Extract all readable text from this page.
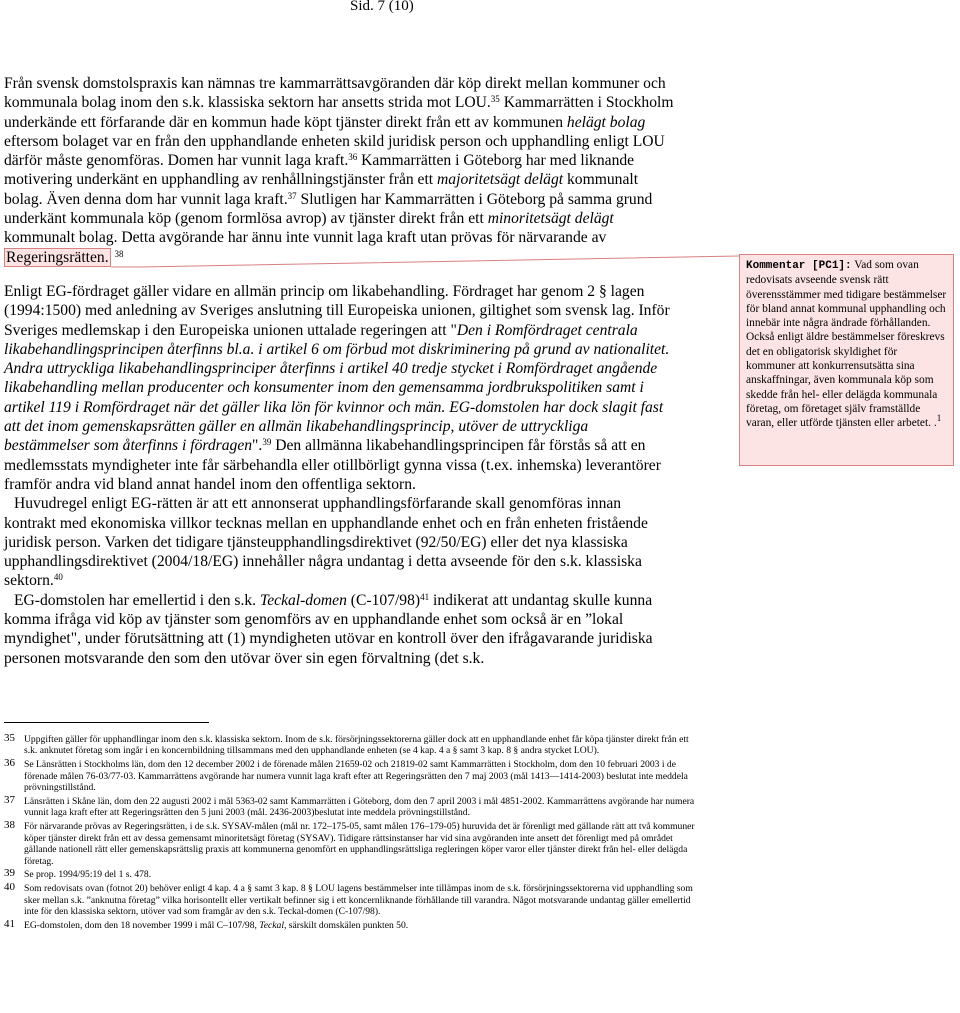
Sid. 7 (10)

Från svensk domstolspraxis kan nämnas tre kammarrättsavgöranden där köp direkt mellan kommuner och kommunala bolag inom den s.k. klassiska sektorn har ansetts strida mot LOU.$^{35}$ Kammarrätten i Stockholm underkände ett förfarande där en kommun hade köpt tjänster direkt från ett av kommunen helägt bolag eftersom bolaget var en från den upphandlande enheten skild juridisk person och upphandling enligt LOU därför måste genomföras. Domen har vunnit laga kraft.$^{36}$ Kammarrätten i Göteborg har med liknande motivering underkänt en upphandling av renhållningstjänster från ett majoritetsägt delägt kommunalt bolag. Även denna dom har vunnit laga kraft.$^{37}$ Slutligen har Kammarrätten i Göteborg på samma grund underkänt kommunala köp (genom formlösa avrop) av tjänster direkt från ett minoritetsägt delägt kommunalt bolag. Detta avgörande har ännu inte vunnit laga kraft utan prövas för närvarande av Regeringsrätten. $^{38}$

Enligt EG-fördraget gäller vidare en allmän princip om likabehandling. Fördraget har genom 2 § lagen (1994:1500) med anledning av Sveriges anslutning till Europeiska unionen, giltighet som svensk lag. Inför Sveriges medlemskap i den Europeiska unionen uttalade regeringen att "Den i Romfördraget centrala likabehandlingsprincipen återfinns bl.a. i artikel 6 om förbud mot diskriminering på grund av nationalitet. Andra uttryckliga likabehandlingsprinciper återfinns i artikel 40 tredje stycket i Romfördraget angående likabehandling mellan producenter och konsumenter inom den gemensamma jordbrukspolitiken samt i artikel 119 i Romfördraget när det gäller lika lön för kvinnor och män. EG-domstolen har dock slagit fast att det inom gemenskapsrätten gäller en allmän likabehandlingsprincip, utöver de uttryckliga bestämmelser som återfinns i fördragen".$^{39}$ Den allmänna likabehandlingsprincipen får förstås så att en medlemsstats myndigheter inte får särbehandla eller otillbörligt gynna vissa (t.ex. inhemska) leverantörer framför andra vid bland annat handel inom den offentliga sektorn.

Huvudregel enligt EG-rätten är att ett annonserat upphandlingsförfarande skall genomföras innan kontrakt med ekonomiska villkor tecknas mellan en upphandlande enhet och en från enheten fristående juridisk person. Varken det tidigare tjänsteupphandlingsdirektivet (92/50/EG) eller det nya klassiska upphandlingsdirektivet (2004/18/EG) innehåller några undantag i detta avseende för den s.k. klassiska sektorn.$^{40}$

EG-domstolen har emellertid i den s.k. Teckal-domen $(C-107/98)^{41}$ indikerat att undantag skulle kunna komma ifråga vid köp av tjänster som genomförs av en upphandlande enhet som också är en ”lokal myndighet", under förutsättning att (1) myndigheten utövar en kontroll över den ifrågavarande juridiska personen motsvarande den som den utövar över sin egen förvaltning (det s.k.

Kommentar [PC1]: Vad som ovan redovisats avseende svensk rätt överensstämmer med tidigare bestämmelser för bland annat kommunal upphandling och innebär inte några ändrade förhållanden. Också enligt äldre bestämmelser föreskrevs det en obligatorisk skyldighet för kommuner att konkurrensutsätta sina anskaffningar, även kommunala köp som skedde från hel- eller delägda kommunala företag, om företaget själv framställde varan, eller utförde tjänsten eller arbetet. .$^1$
35 Uppgiften gäller för upphandlingar inom den s.k. klassiska sektorn. Inom de s.k. försörjningssektorerna gäller dock att en upphandlande enhet får köpa tjänster direkt från ett s.k. anknutet företag som ingår i en koncernbildning tillsammans med den upphandlande enheten (se 4 kap. 4 a § samt 3 kap. 8 § andra stycket LOU).
36 Se Länsrätten i Stockholms län, dom den 12 december 2002 i de förenade målen 21659-02 och 21819-02 samt Kammarrätten i Stockholm, dom den 10 februari 2003 i de förenade målen 76-03/77-03. Kammarrättens avgörande har numera vunnit laga kraft efter att Regeringsrätten den 7 maj 2003 (mål 1413—1414-2003) beslutat inte meddela prövningstillstånd.
37 Länsrätten i Skåne län, dom den 22 augusti 2002 i mål 5363-02 samt Kammarrätten i Göteborg, dom den 7 april 2003 i mål 4851-2002. Kammarrättens avgörande har numera vunnit laga kraft efter att Regeringsrätten den 5 juni 2003 (mål. 2436-2003)beslutat inte meddela prövningstillstånd.
38 För närvarande prövas av Regeringsrätten, i de s.k. SYSAV-målen (mål nr. 172–175-05, samt målen 176–179-05) huruvida det är förenligt med gällande rätt att två kommuner köper tjänster direkt från ett av dessa gemensamt minoritetsägt företag (SYSAV). Tidigare rättsinstanser har vid sina avgöranden inte ansett det förenligt med på området gällande nationell rätt eller gemenskapsrättslig praxis att kommunerna genomfört en upphandlingsrättsliga regleringen köper varor eller tjänster direkt från hel- eller delägda företag.
39 Se prop. 1994/95:19 del 1 s. 478.
40 Som redovisats ovan (fotnot 20) behöver enligt 4 kap. 4 a § samt 3 kap. 8 § LOU lagens bestämmelser inte tillämpas inom de s.k. försörjningssektorerna vid upphandling som sker mellan s.k. ”anknutna företag” vilka horisontellt eller vertikalt befinner sig i ett koncernliknande förhållande till varandra. Något motsvarande undantag gäller emellertid inte för den klassiska sektorn, utöver vad som framgår av den s.k. Teckal-domen (C-107/98).
41 EG-domstolen, dom den 18 november 1999 i mål C–107/98, Teckal, särskilt domskälen punkten 50.
